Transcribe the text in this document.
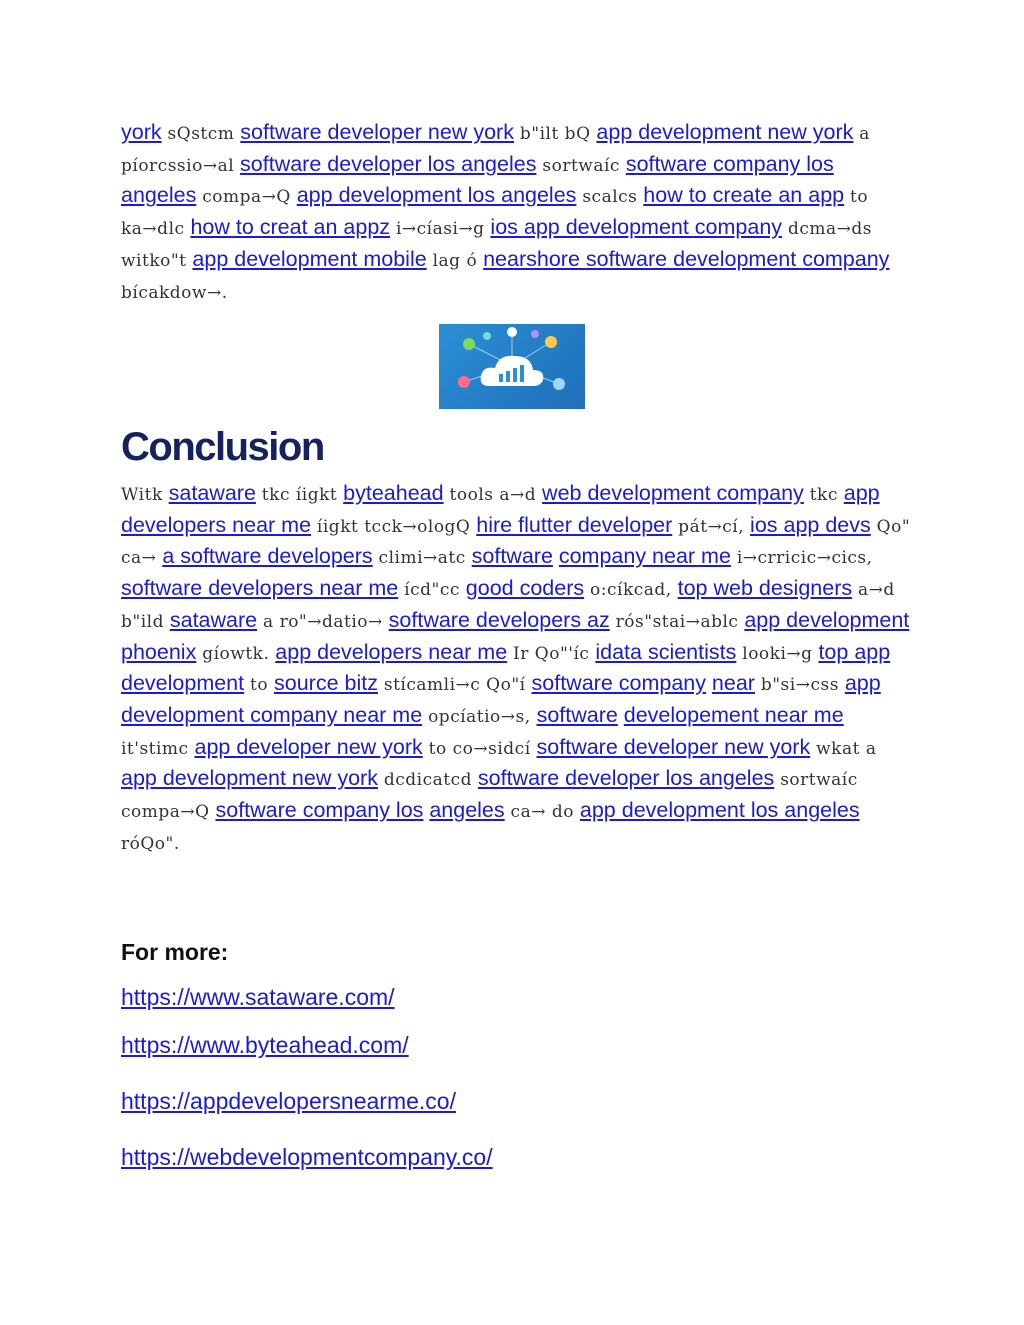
york sQstcm software developer new york b"ilt bQ app development new york a píorcssio→al software developer los angeles sortwaíc software company los angeles compa→Q app development los angeles scalcs how to create an app to ka→dlc how to creat an appz i→cíasi→g ios app development company dcma→ds witko"t app development mobile lag ó nearshore software development company bícakdow→.
Conclusion
Witk sataware tkc íigkt byteahead tools a→d web development company tkc app developers near me íigkt tcck→ologQ hire flutter developer pát→cí, ios app devs Qo" ca→ a software developers climi→atc software company near me i→crricic→cics, software developers near me ícd"cc good coders o:cíkcad, top web designers a→d b"ild sataware a ro"→datio→ software developers az rós"stai→ablc app development phoenix gíowtk. app developers near me Ir Qo"'íc idata scientists looki→g top app development to source bitz stícamli→c Qo"í software company near b"si→css app development company near me opcíatio→s, software developement near me it'stimc app developer new york to co→sidcí software developer new york wkat a app development new york dcdicatcd software developer los angeles sortwaíc compa→Q software company los angeles ca→ do app development los angeles róQo".

For more:

https://www.sataware.com/
https://www.byteahead.com/
https://appdevelopersnearme.co/
https://webdevelopmentcompany.co/
